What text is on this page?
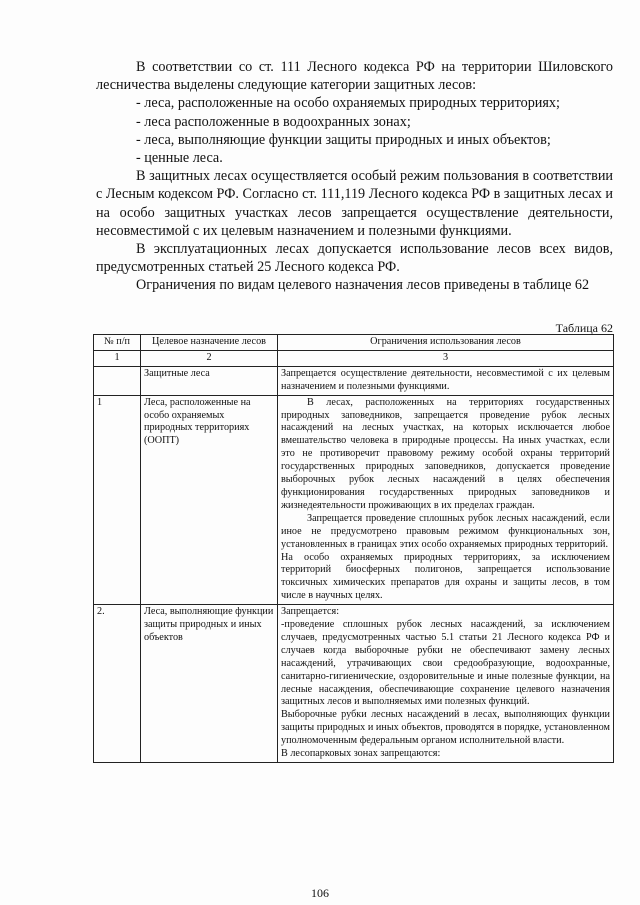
В соответствии со ст. 111 Лесного кодекса РФ на территории Шиловского лесничества выделены следующие категории защитных лесов:

- леса, расположенные на особо охраняемых природных территориях;

- леса расположенные в водоохранных зонах;

- леса, выполняющие функции защиты природных и иных объектов;

- ценные леса.

В защитных лесах осуществляется особый режим пользования в соответствии с Лесным кодексом РФ. Согласно ст. 111,119 Лесного кодекса РФ в защитных лесах и на особо защитных участках лесов запрещается осуществление деятельности, несовместимой с их целевым назначением и полезными функциями.

В эксплуатационных лесах допускается использование лесов всех видов, предусмотренных статьей 25 Лесного кодекса РФ.

Ограничения по видам целевого назначения лесов приведены в таблице 62

Таблица 62
№ п/п	Целевое назначение лесов	Ограничения использования лесов
1	2	3
	Защитные леса	Запрещается осуществление деятельности, несовместимой с их целевым назначением и полезными функциями.

1	Леса, расположенные на особо охраняемых природных территориях (ООПТ)	В лесах, расположенных на территориях государственных природных заповедников, запрещается проведение рубок лесных насаждений на лесных участках, на которых исключается любое вмешательство человека в природные процессы. На иных участках, если это не противоречит правовому режиму особой охраны территорий государственных природных заповедников, допускается проведение выборочных рубок лесных насаждений в целях обеспечения функционирования государственных природных заповедников и жизнедеятельности проживающих в их пределах граждан.

Запрещается проведение сплошных рубок лесных насаждений, если иное не предусмотрено правовым режимом функциональных зон, установленных в границах этих особо охраняемых природных территорий.

На особо охраняемых природных территориях, за исключением территорий биосферных полигонов, запрещается использование токсичных химических препаратов для охраны и защиты лесов, в том числе в научных целях.

2.	Леса, выполняющие функции защиты природных и иных объектов	Запрещается:

-проведение сплошных рубок лесных насаждений, за исключением случаев, предусмотренных частью 5.1 статьи 21 Лесного кодекса РФ и случаев когда выборочные рубки не обеспечивают замену лесных насаждений, утрачивающих свои средообразующие, водоохранные, санитарно-гигиенические, оздоровительные и иные полезные функции, на лесные насаждения, обеспечивающие сохранение целевого назначения защитных лесов и выполняемых ими полезных функций.

Выборочные рубки лесных насаждений в лесах, выполняющих функции защиты природных и иных объектов, проводятся в порядке, установленном уполномоченным федеральным органом исполнительной власти.

В лесопарковых зонах запрещаются:

106
